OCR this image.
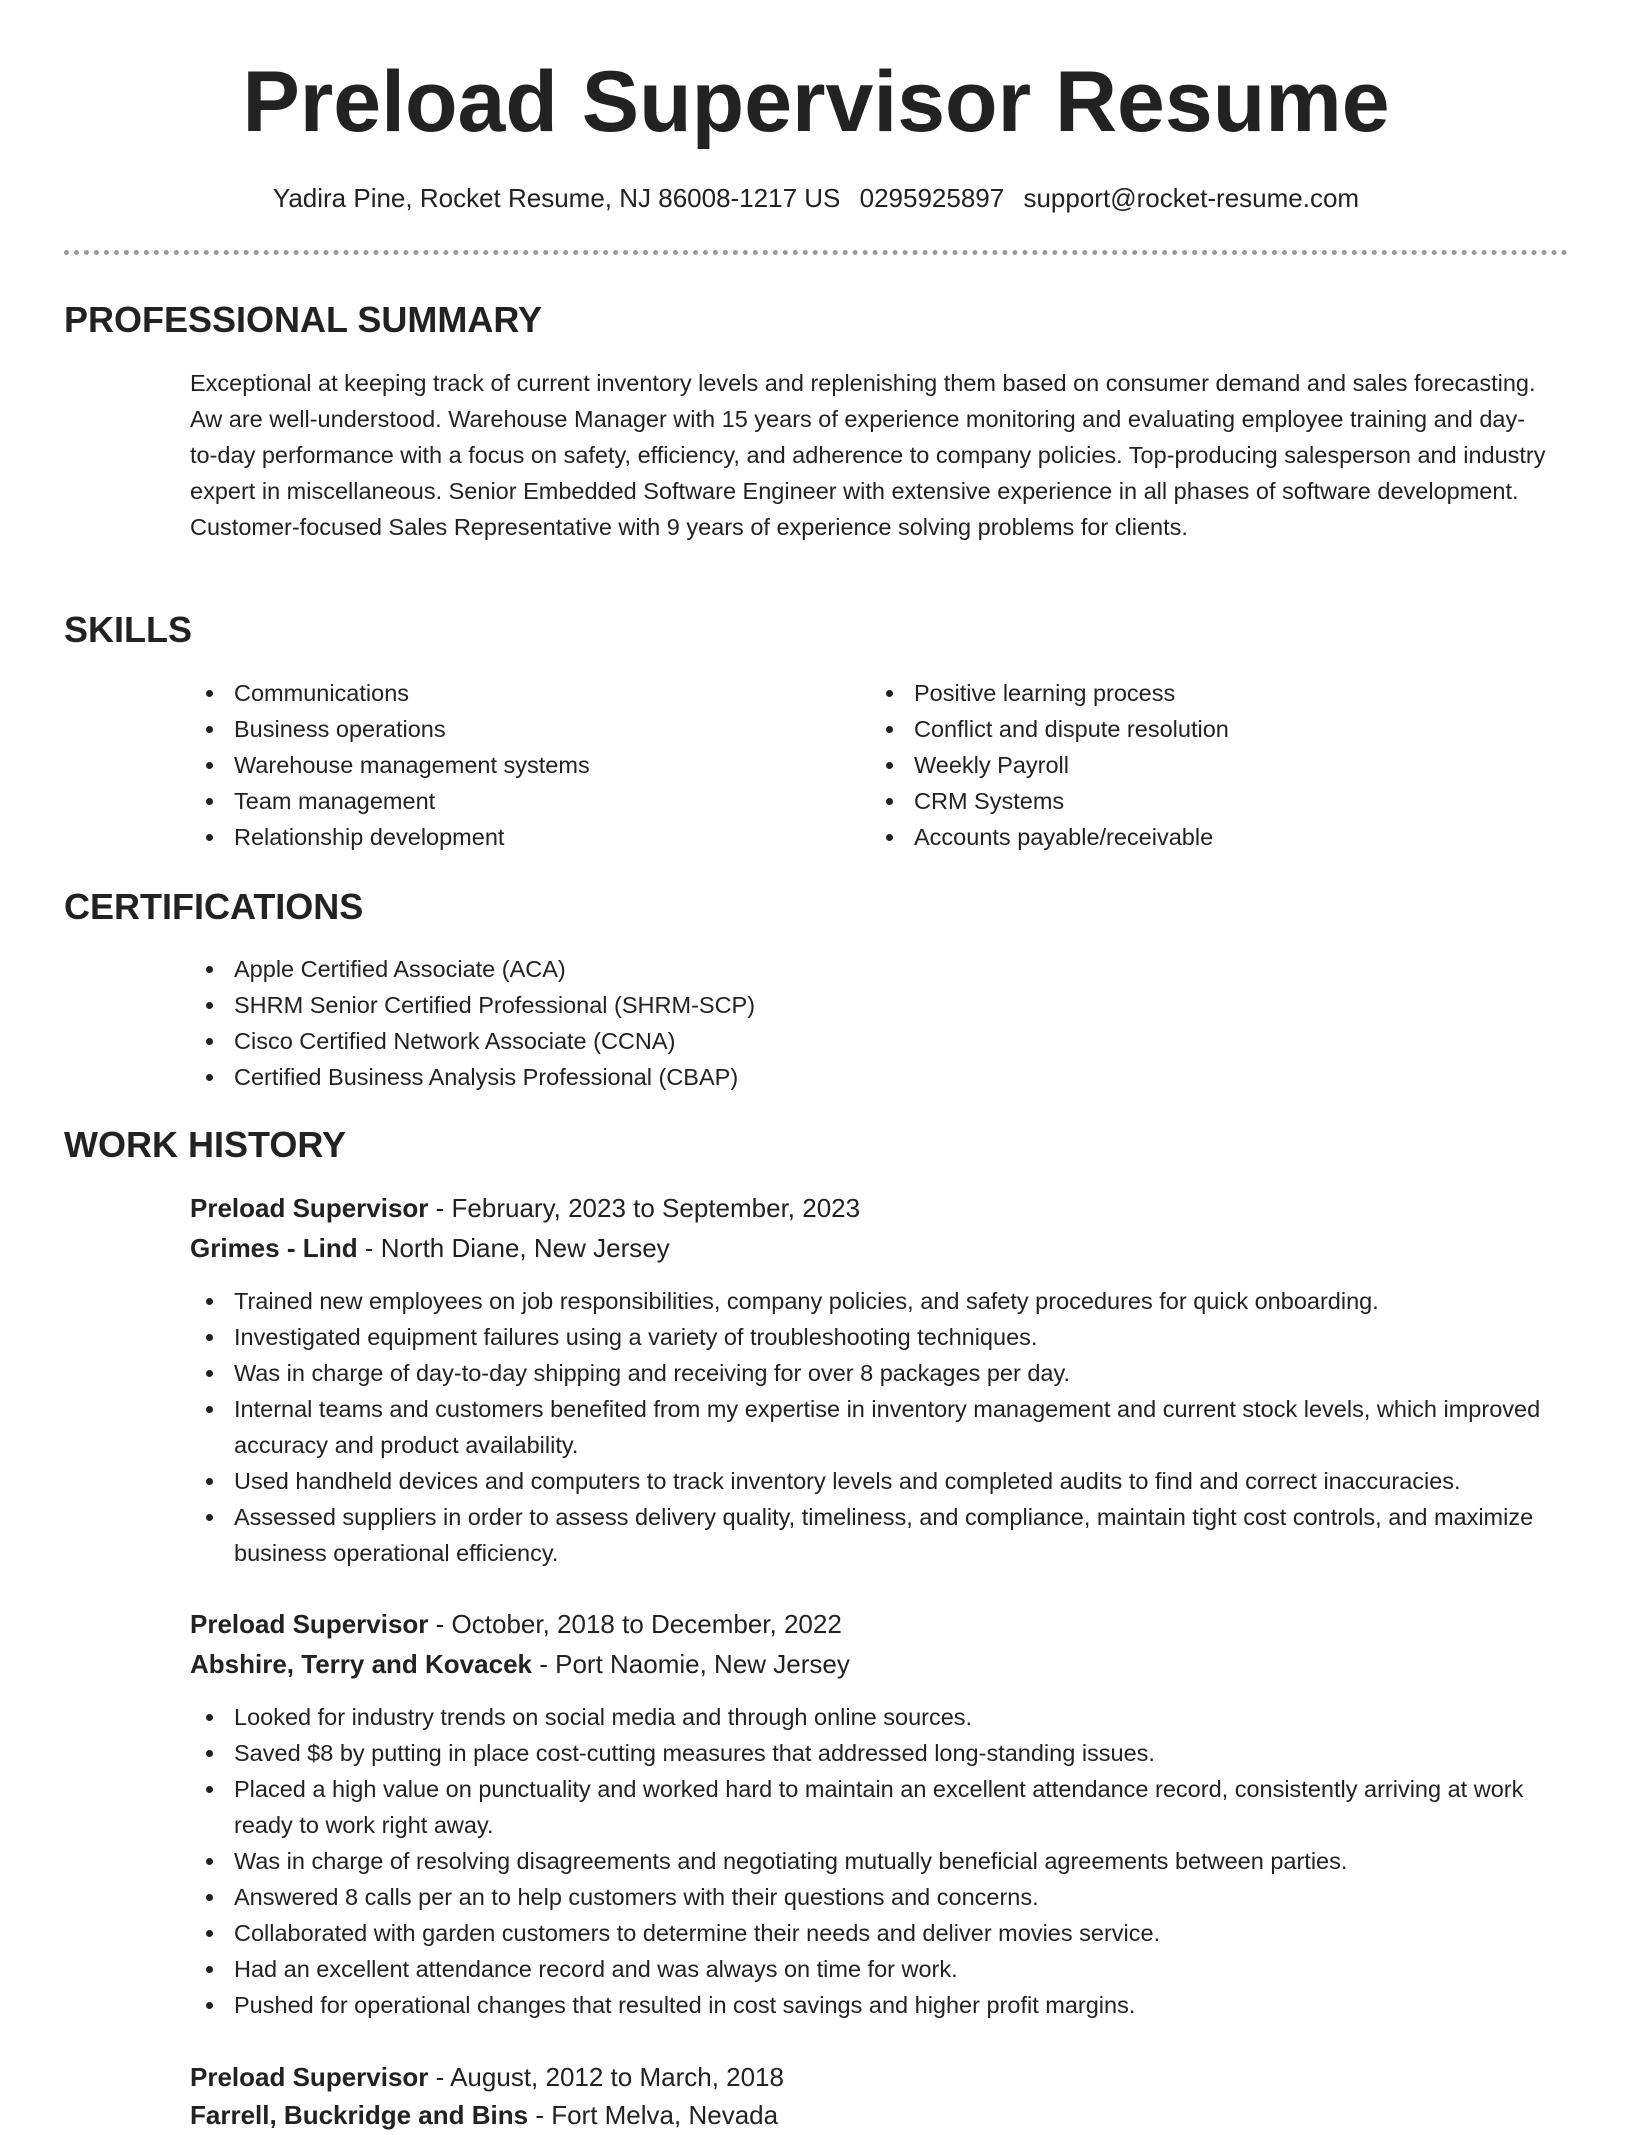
Preload Supervisor Resume
Yadira Pine, Rocket Resume, NJ 86008-1217 US 0295925897 support@rocket-resume.com
PROFESSIONAL SUMMARY

Exceptional at keeping track of current inventory levels and replenishing them based on consumer demand and sales forecasting. Aw are well-understood. Warehouse Manager with 15 years of experience monitoring and evaluating employee training and day-to-day performance with a focus on safety, efficiency, and adherence to company policies. Top-producing salesperson and industry expert in miscellaneous. Senior Embedded Software Engineer with extensive experience in all phases of software development. Customer-focused Sales Representative with 9 years of experience solving problems for clients.

SKILLS
Communications
Business operations
Warehouse management systems
Team management
Relationship development
Positive learning process
Conflict and dispute resolution
Weekly Payroll
CRM Systems
Accounts payable/receivable
CERTIFICATIONS
Apple Certified Associate (ACA)
SHRM Senior Certified Professional (SHRM-SCP)
Cisco Certified Network Associate (CCNA)
Certified Business Analysis Professional (CBAP)
WORK HISTORY

Preload Supervisor - February, 2023 to September, 2023

Grimes - Lind - North Diane, New Jersey

Trained new employees on job responsibilities, company policies, and safety procedures for quick onboarding.
Investigated equipment failures using a variety of troubleshooting techniques.
Was in charge of day-to-day shipping and receiving for over 8 packages per day.
Internal teams and customers benefited from my expertise in inventory management and current stock levels, which improved accuracy and product availability.
Used handheld devices and computers to track inventory levels and completed audits to find and correct inaccuracies.
Assessed suppliers in order to assess delivery quality, timeliness, and compliance, maintain tight cost controls, and maximize business operational efficiency.

Preload Supervisor - October, 2018 to December, 2022

Abshire, Terry and Kovacek - Port Naomie, New Jersey

Looked for industry trends on social media and through online sources.
Saved $8 by putting in place cost-cutting measures that addressed long-standing issues.
Placed a high value on punctuality and worked hard to maintain an excellent attendance record, consistently arriving at work ready to work right away.
Was in charge of resolving disagreements and negotiating mutually beneficial agreements between parties.
Answered 8 calls per an to help customers with their questions and concerns.
Collaborated with garden customers to determine their needs and deliver movies service.
Had an excellent attendance record and was always on time for work.
Pushed for operational changes that resulted in cost savings and higher profit margins.

Preload Supervisor - August, 2012 to March, 2018

Farrell, Buckridge and Bins - Fort Melva, Nevada
